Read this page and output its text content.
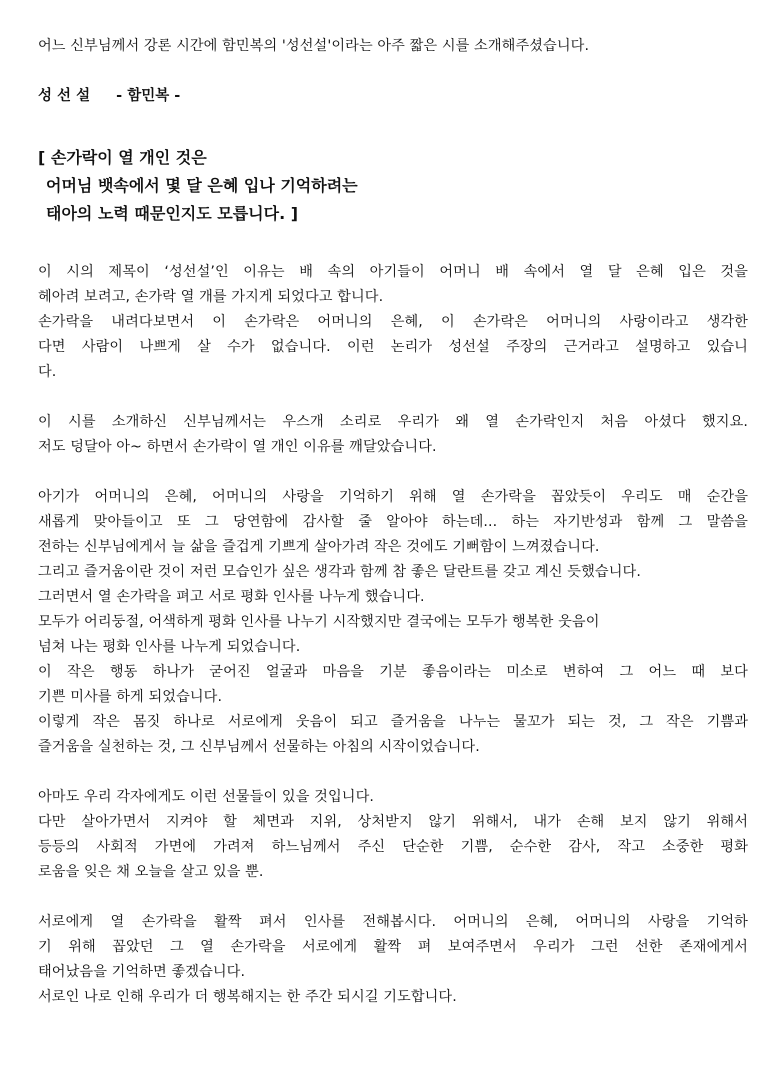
어느 신부님께서 강론 시간에 함민복의 '성선설'이라는 아주 짧은 시를 소개해주셨습니다.
성 선 설 - 함민복 -
[ 손가락이 열 개인 것은
어머님 뱃속에서 몇 달 은혜 입나 기억하려는
태아의 노력 때문인지도 모릅니다. ]
이 시의 제목이 ‘성선설’인 이유는 배 속의 아기들이 어머니 배 속에서 열 달 은혜 입은 것을
헤아려 보려고, 손가락 열 개를 가지게 되었다고 합니다.
손가락을 내려다보면서 이 손가락은 어머니의 은혜, 이 손가락은 어머니의 사랑이라고 생각한
다면 사람이 나쁘게 살 수가 없습니다. 이런 논리가 성선설 주장의 근거라고 설명하고 있습니
다.
이 시를 소개하신 신부님께서는 우스개 소리로 우리가 왜 열 손가락인지 처음 아셨다 했지요.
저도 덩달아 아~ 하면서 손가락이 열 개인 이유를 깨달았습니다.
아기가 어머니의 은혜, 어머니의 사랑을 기억하기 위해 열 손가락을 꼽았듯이 우리도 매 순간을
새롭게 맞아들이고 또 그 당연함에 감사할 줄 알아야 하는데... 하는 자기반성과 함께 그 말씀을
전하는 신부님에게서 늘 삶을 즐겁게 기쁘게 살아가려 작은 것에도 기뻐함이 느껴졌습니다.
그리고 즐거움이란 것이 저런 모습인가 싶은 생각과 함께 참 좋은 달란트를 갖고 계신 듯했습니다.
그러면서 열 손가락을 펴고 서로 평화 인사를 나누게 했습니다.
모두가 어리둥절, 어색하게 평화 인사를 나누기 시작했지만 결국에는 모두가 행복한 웃음이
넘쳐 나는 평화 인사를 나누게 되었습니다.
이 작은 행동 하나가 굳어진 얼굴과 마음을 기분 좋음이라는 미소로 변하여 그 어느 때 보다
기쁜 미사를 하게 되었습니다.
이렇게 작은 몸짓 하나로 서로에게 웃음이 되고 즐거움을 나누는 물꼬가 되는 것, 그 작은 기쁨과
즐거움을 실천하는 것, 그 신부님께서 선물하는 아침의 시작이었습니다.
아마도 우리 각자에게도 이런 선물들이 있을 것입니다.
다만 살아가면서 지켜야 할 체면과 지위, 상처받지 않기 위해서, 내가 손해 보지 않기 위해서
등등의 사회적 가면에 가려져 하느님께서 주신 단순한 기쁨, 순수한 감사, 작고 소중한 평화
로움을 잊은 채 오늘을 살고 있을 뿐.
서로에게 열 손가락을 활짝 펴서 인사를 전해봅시다. 어머니의 은혜, 어머니의 사랑을 기억하
기 위해 꼽았던 그 열 손가락을 서로에게 활짝 펴 보여주면서 우리가 그런 선한 존재에게서
태어났음을 기억하면 좋겠습니다.
서로인 나로 인해 우리가 더 행복해지는 한 주간 되시길 기도합니다.
